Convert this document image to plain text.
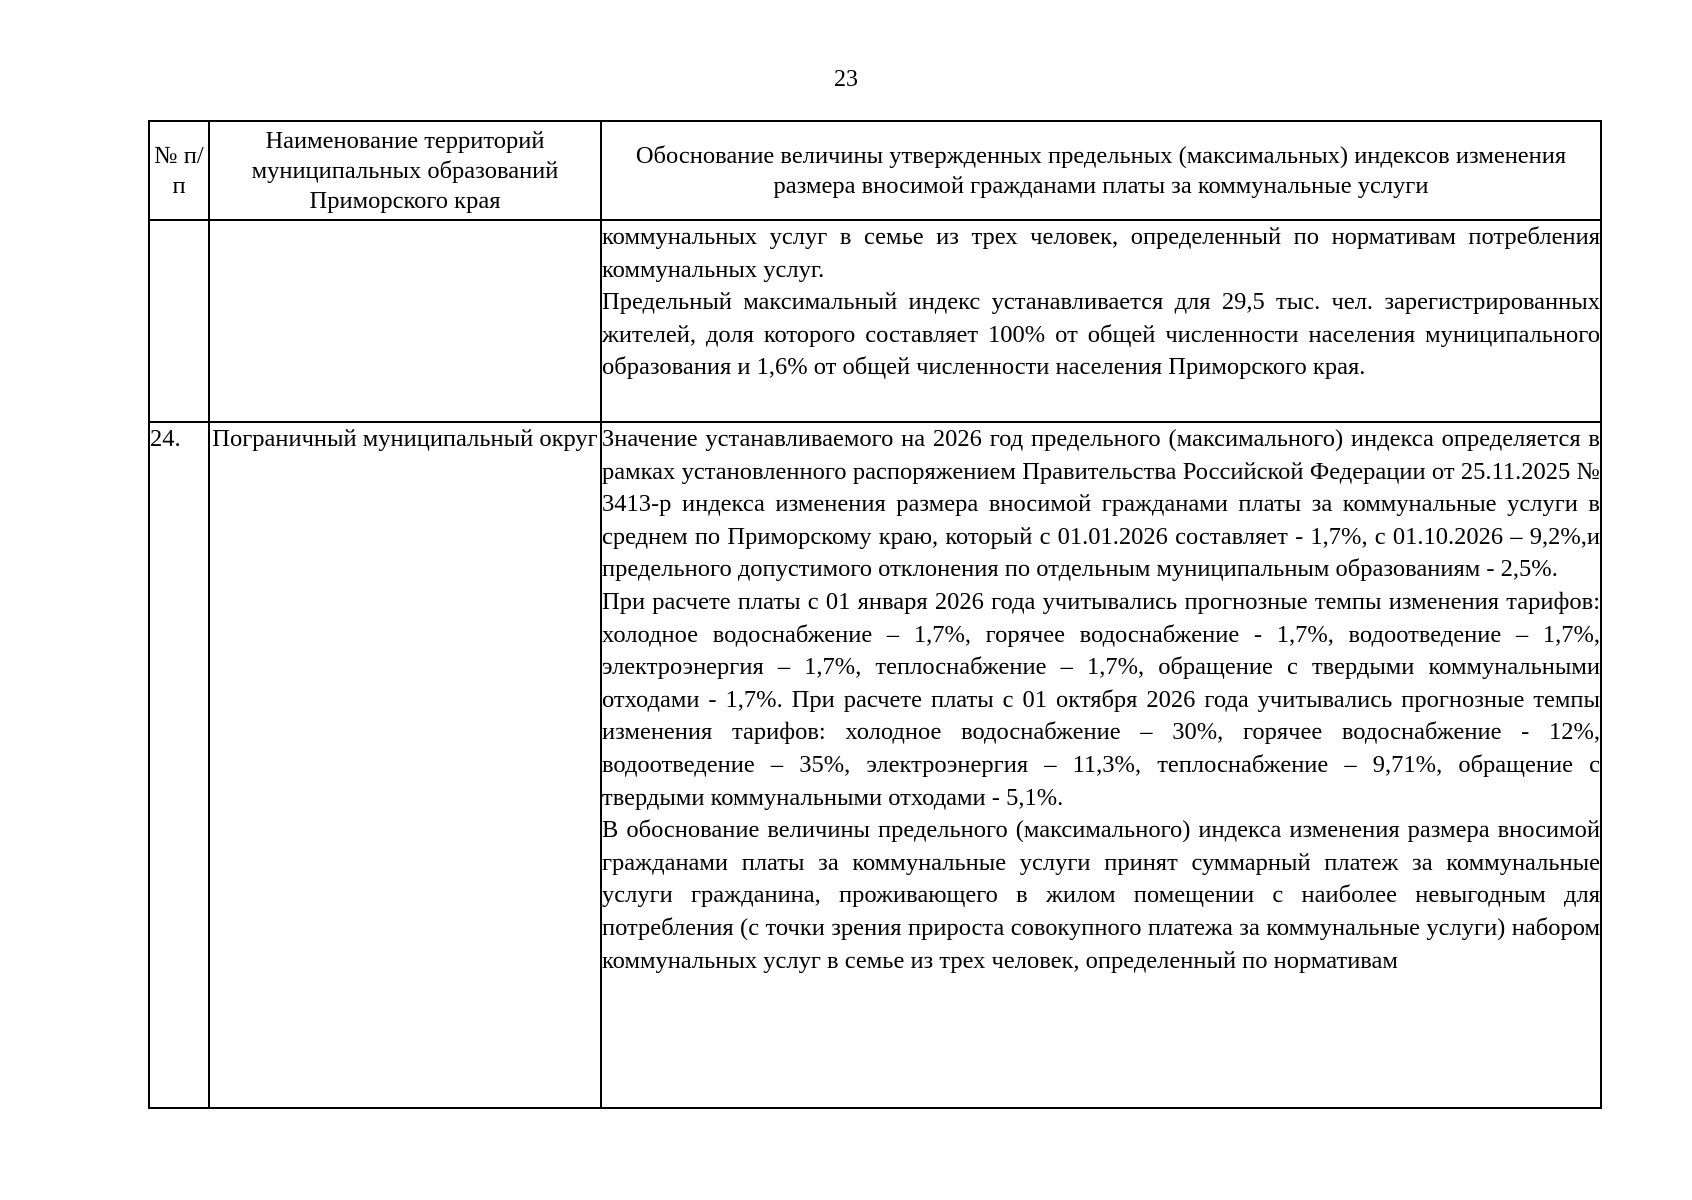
23
№ п/п	Наименование территорий муниципальных образований Приморского края	Обоснование величины утвержденных предельных (максимальных) индексов изменения размера вносимой гражданами платы за коммунальные услуги

		коммунальных услуг в семье из трех человек, определенный по нормативам потребления коммунальных услуг.

Предельный максимальный индекс устанавливается для 29,5 тыс. чел. зарегистрированных жителей, доля которого составляет 100% от общей численности населения муниципального образования и 1,6% от общей численности населения Приморского края.

24.	Пограничный муниципальный округ	Значение устанавливаемого на 2026 год предельного (максимального) индекса определяется в рамках установленного распоряжением Правительства Российской Федерации от 25.11.2025 № 3413-р индекса изменения размера вносимой гражданами платы за коммунальные услуги в среднем по Приморскому краю, который с 01.01.2026 составляет - 1,7%, с 01.10.2026 – 9,2%,и предельного допустимого отклонения по отдельным муниципальным образованиям - 2,5%.

При расчете платы с 01 января 2026 года учитывались прогнозные темпы изменения тарифов: холодное водоснабжение – 1,7%, горячее водоснабжение - 1,7%, водоотведение – 1,7%, электроэнергия – 1,7%, теплоснабжение – 1,7%, обращение с твердыми коммунальными отходами - 1,7%. При расчете платы с 01 октября 2026 года учитывались прогнозные темпы изменения тарифов: холодное водоснабжение – 30%, горячее водоснабжение - 12%, водоотведение – 35%, электроэнергия – 11,3%, теплоснабжение – 9,71%, обращение с твердыми коммунальными отходами - 5,1%.

В обоснование величины предельного (максимального) индекса изменения размера вносимой гражданами платы за коммунальные услуги принят суммарный платеж за коммунальные услуги гражданина, проживающего в жилом помещении с наиболее невыгодным для потребления (с точки зрения прироста совокупного платежа за коммунальные услуги) набором коммунальных услуг в семье из трех человек, определенный по нормативам
